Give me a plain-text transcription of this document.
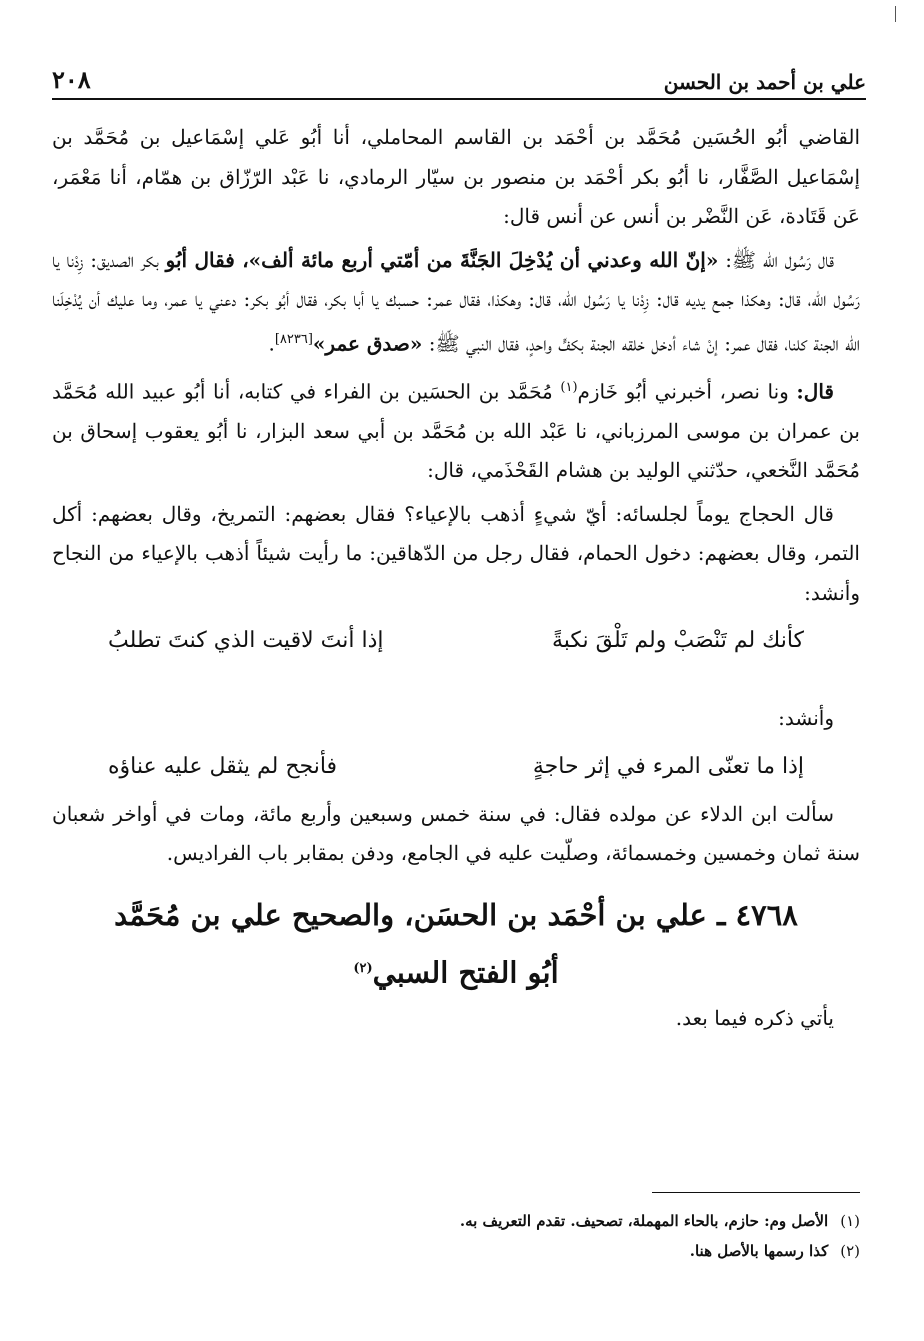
علي بن أحمد بن الحسن
٢٠٨

القاضي أبُو الحُسَين مُحَمَّد بن أحْمَد بن القاسم المحاملي، أنا أبُو عَلي إسْمَاعيل بن مُحَمَّد بن إسْمَاعيل الصَّفَّار، نا أبُو بكر أحْمَد بن منصور بن سيّار الرمادي، نا عَبْد الرّزّاق بن همّام، أنا مَعْمَر، عَن قَتَادة، عَن النَّضْر بن أنس عن أنس قال:

قال رَسُول الله ﷺ: «إنّ الله وعدني أن يُدْخِلَ الجَنَّةَ من أمّتي أربع مائة ألف»، فقال أبُو بكر الصديق: زِدْنا يا رَسُول الله، قال: وهكذا جمع يديه قال: زِدْنا يا رَسُول الله، قال: وهكذا، فقال عمر: حسبك يا أبا بكر، فقال أبُو بكر: دعني يا عمر، وما عليك أن يُدْخِلَنا الله الجنة كلنا، فقال عمر: إنْ شاء أدخل خلقه الجنة بكفٍّ واحدٍ، فقال النبي ﷺ: «صدق عمر»[٨٢٣٦].

قال: ونا نصر، أخبرني أبُو خَازم$^{(١)}$ مُحَمَّد بن الحسَين بن الفراء في كتابه، أنا أبُو عبيد الله مُحَمَّد بن عمران بن موسى المرزباني، نا عَبْد الله بن مُحَمَّد بن أبي سعد البزار، نا أبُو يعقوب إسحاق بن مُحَمَّد النَّخعي، حدّثني الوليد بن هشام القَحْذَمي، قال:

قال الحجاج يوماً لجلسائه: أيّ شيءٍ أذهب بالإعياء؟ فقال بعضهم: التمريخ، وقال بعضهم: أكل التمر، وقال بعضهم: دخول الحمام، فقال رجل من الدّهاقين: ما رأيت شيئاً أذهب بالإعياء من النجاح وأنشد:

كأنك لم تَنْصَبْ ولم تَلْقَ نكبةً
إذا أنتَ لاقيت الذي كنتَ تطلبُ

وأنشد:

إذا ما تعنّى المرء في إثر حاجةٍ
فأنجح لم يثقل عليه عناؤه

سألت ابن الدلاء عن مولده فقال: في سنة خمس وسبعين وأربع مائة، ومات في أواخر شعبان سنة ثمان وخمسين وخمسمائة، وصلّيت عليه في الجامع، ودفن بمقابر باب الفراديس.

٤٧٦٨ ـ علي بن أحْمَد بن الحسَن، والصحيح علي بن مُحَمَّد
أبُو الفتح السبي$^{(٢)}$

يأتي ذكره فيما بعد.

(١)
الأصل وم: حازم، بالحاء المهملة، تصحيف. تقدم التعريف به.
(٢)
كذا رسمها بالأصل هنا.
